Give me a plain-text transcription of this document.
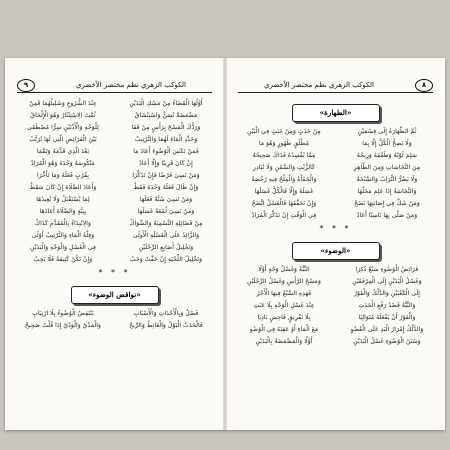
٩	الكوكب الزهري نظم مختصر الأخضري
أَوَّلُهَا الْقَضَاءُ مِنْ مَسْكِ الْيَدَيْنِ
عِنْدَ الشُّرُوعِ وَشَلِيلُهُمَا قَمِنْ
مَضْمَضَةٌ تُسَنُّ وَاسْتِنْشَاقُ
ثُمَّتَ الِاسْتِنْثَارُ وَهُوَ الْإِلْحَاقُ
وَرَدُّكَ الْمَسْحَ بِرَأْسٍ مِنْ قَفَا
لِلْوَجْهِ وَالْأُذْنَيْنِ سِرًّا مُصْطَفَى
وَجَدِّدِ الْمَاءَ لَهُمَا وَالتَّرْتِيبْ
بَيْنَ الْفَرَائِضِ الَّتِي لَهَا تُرَتَّبْ
فَمَنْ نَكَسَ الْوُضُوءَ أَعَادَ مَا
بَعْدَ الَّذِي قَدَّمَهُ وَتَمَّمَا
إِنْ كَانَ قَرِيبًا وَإِلَّا أَعَادْ
مَنْكُوسَهُ وَحْدَهُ وَهُوَ الْمُرَادْ
وَمَنْ نَسِيَ فَرْضًا فَإِنْ تَذَكَّرَا
بِقُرْبٍ فَعَلَهُ وَمَا تَأَخَّرَا
وَإِنْ طَالَ فَعَلَهُ وَحْدَهُ فَقَطْ
وَأَعَادَ الصَّلَاةَ إِنْ كَانَ سَقَطْ
وَمَنْ نَسِيَ سُنَّةً فَعَلَهَا
لِمَا يُسْتَقْبَلُ وَلَا يُعِيدُهَا
وَمَنْ نَسِيَ لُمْعَةً غَسَلَهَا
بِنِيَّةٍ وَالصَّلَاةَ أَعَادَهَا
مِنْ فَضَائِلِهِ التَّسْمِيَةُ وَالسِّوَاكْ
وَالِابْتِدَاءُ بِالْمُقَدَّمِ كَذَاكْ
وَالزَّائِدُ عَلَى الْغَسْلَةِ الْأُولَى
وَقِلَّةُ الْمَاءِ وَالتَّرْتِيبُ أَوْلَى
وَتَخْلِيلُ أَصَابِعِ الرِّجْلَيْنِ
فِي الْغَسْلِ وَالْوَجْهِ وَالْيَدَيْنِ
وَتَخْلِيلُ اللِّحْيَةِ إِنْ خَفَّتْ وَجَبْ
وَإِنْ تَكُنْ كَثِيفَةً فَلَا يَجِبْ
* * *
«نواقض الوضوء»
فَصْلٌ وَبِالْأَحْدَاثِ وَالْأَسْبَابِ
يَنْتَقِضُ الْوُضُوءُ بِلَا ارْتِيَابِ
فَالْحَدَثُ الْبَوْلُ وَالْغَائِطُ وَالرِّيحْ
وَالْمَذْيُ وَالْوَدْيُ إِذَا قُلْتُ صَحِيحْ
٨
الكوكب الزهري نظم مختصر الأخضري
«الطهارة»
ثُمَّ الطَّهَارَةُ إِلَى قِسْمَيْنِ
مِنْ حَدَثٍ وَمِنْ خَبَثٍ فِي الْبَيْنِ
وَلَا يَصِحُّ الْكُلُّ إِلَّا بِمَا
مُطْلَقٍ طَهُورٍ وَهُوَ مَا
سَلِمَ لَوْنُهُ وَطَعْمُهُ وَرِيحُهُ
مِمَّا يُفْسِدُهُ فَذَاكَ صَحِيحُهُ
مِنَ النَّجَاسَاتِ وَمِنَ الطَّاهِرِ
كَالزَّيْتِ وَالسَّمْنِ وَلَا تُبَادِرِ
وَلَا يَضُرُّ التُّرَابُ وَالسَّبْخَةُ
وَالْحَمْأَةُ وَالْمِلْحُ فِيهِ رُخْصَةُ
وَالنَّجَاسَةُ إِذَا عَلِمَ مَحَلَّهَا
غَسَلَهُ وَإِلَّا فَالْكُلُّ غَسَلَهَا
وَمَنْ شَكَّ فِي إِصَابَتِهَا نَضَحْ
وَإِنْ تَحَقَّقَهَا فَالْغَسْلُ اتَّضَحْ
وَمَنْ صَلَّى بِهَا نَاسِيًا أَعَادْ
فِي الْوَقْتِ إِنْ تَذَكَّرَ الْمُرَادْ
* * *
«الوضوء»
فَرَائِضُ الْوُضُوءِ سَبْعٌ ذُكِرَا
النِّيَّةُ وَغَسْلُ وَجْهٍ أَوَّلَا
وَغَسْلُ الْيَدَيْنِ إِلَى الْمِرْفَقَيْنِ
وَمَسْحُ الرَّأْسِ وَغَسْلُ الرِّجْلَيْنِ
إِلَى الْكَعْبَيْنِ وَالدَّلْكُ وَالْفَوْرُ
فَهَذِهِ السَّبْعُ فِيهَا الْأَجْرُ
وَالنِّيَّةُ قَصْدُ رَفْعِ الْحَدَثِ
عِنْدَ غَسْلِ الْوَجْهِ بِلَا عَبَثِ
وَالْفَوْرُ أَنْ يَفْعَلَهُ مُتَوَالِيَا
بِلَا تَفْرِيقٍ فَاحِشٍ بَادِيَا
وَالدَّلْكُ إِمْرَارُ الْيَدِ عَلَى الْعُضْوِ
مَعَ الْمَاءِ أَوْ عَقِبَهُ فِي الْوُضُو
وَسُنَنُ الْوُضُوءِ غَسْلُ الْيَدَيْنِ
أَوَّلًا وَالْمَضْمَضَةُ بِالْيَدَيْنِ
